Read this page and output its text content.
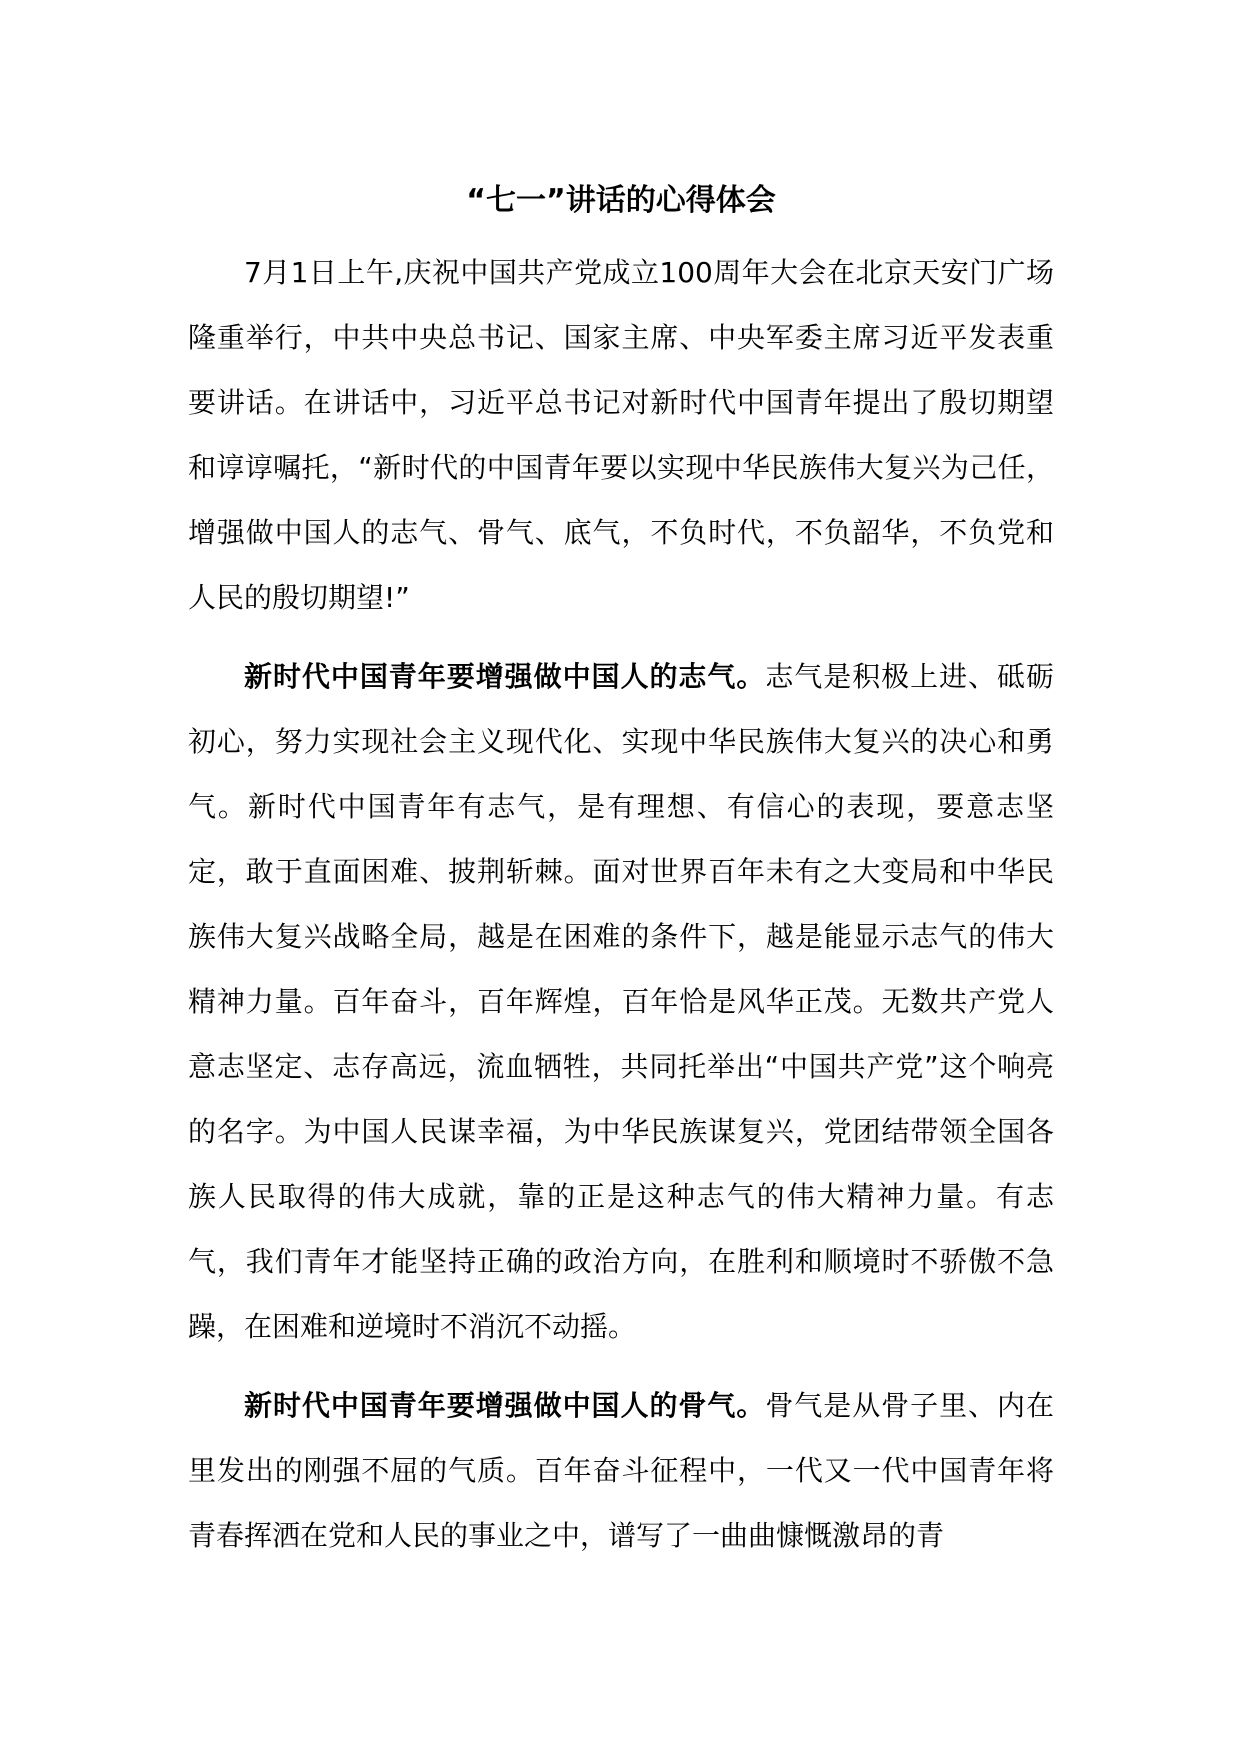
“七一”讲话的心得体会

7月1日上午,庆祝中国共产党成立100周年大会在北京天安门广场隆重举行，中共中央总书记、国家主席、中央军委主席习近平发表重要讲话。在讲话中，习近平总书记对新时代中国青年提出了殷切期望和谆谆嘱托，“新时代的中国青年要以实现中华民族伟大复兴为己任，增强做中国人的志气、骨气、底气，不负时代，不负韶华，不负党和人民的殷切期望!”

新时代中国青年要增强做中国人的志气。志气是积极上进、砥砺初心，努力实现社会主义现代化、实现中华民族伟大复兴的决心和勇气。新时代中国青年有志气，是有理想、有信心的表现，要意志坚定，敢于直面困难、披荆斩棘。面对世界百年未有之大变局和中华民族伟大复兴战略全局，越是在困难的条件下，越是能显示志气的伟大精神力量。百年奋斗，百年辉煌，百年恰是风华正茂。无数共产党人意志坚定、志存高远，流血牺牲，共同托举出“中国共产党”这个响亮的名字。为中国人民谋幸福，为中华民族谋复兴，党团结带领全国各族人民取得的伟大成就，靠的正是这种志气的伟大精神力量。有志气，我们青年才能坚持正确的政治方向，在胜利和顺境时不骄傲不急躁，在困难和逆境时不消沉不动摇。

新时代中国青年要增强做中国人的骨气。骨气是从骨子里、内在里发出的刚强不屈的气质。百年奋斗征程中，一代又一代中国青年将青春挥洒在党和人民的事业之中，谱写了一曲曲慷慨激昂的青
